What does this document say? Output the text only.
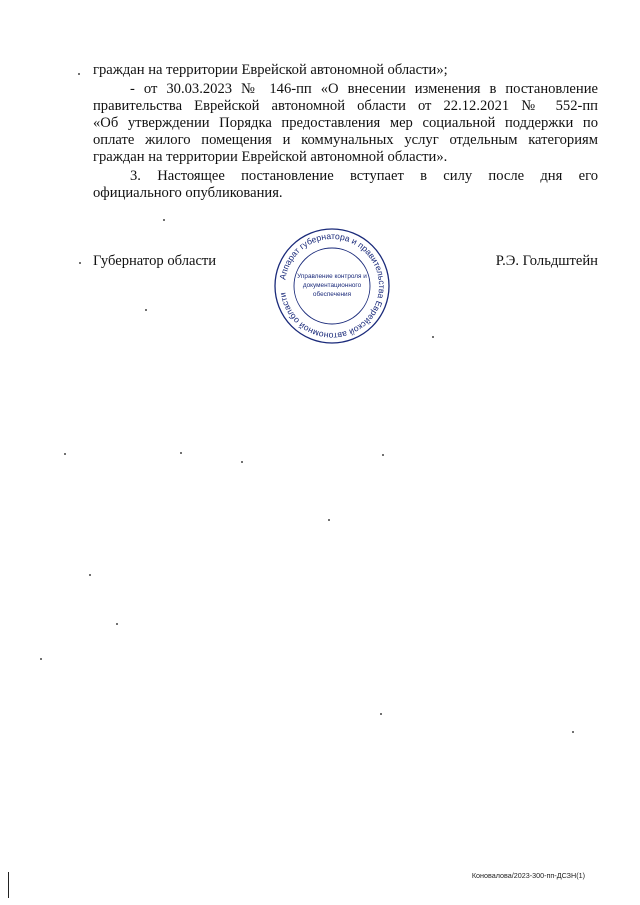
граждан на территории Еврейской автономной области»;
- от 30.03.2023 № 146-пп «О внесении изменения в постановление
правительства Еврейской автономной области от 22.12.2021 № 552-пп
«Об утверждении Порядка предоставления мер социальной поддержки по
оплате жилого помещения и коммунальных услуг отдельным категориям
граждан на территории Еврейской автономной области».
3. Настоящее постановление вступает в силу после дня его
официального опубликования.
Губернатор области	Р.Э. Гольдштейн
Аппарат губернатора и правительства Еврейской автономной области
Управление контроля и
документационного
обеспечения
Коновалова/2023-300-пп-ДСЗН(1)
